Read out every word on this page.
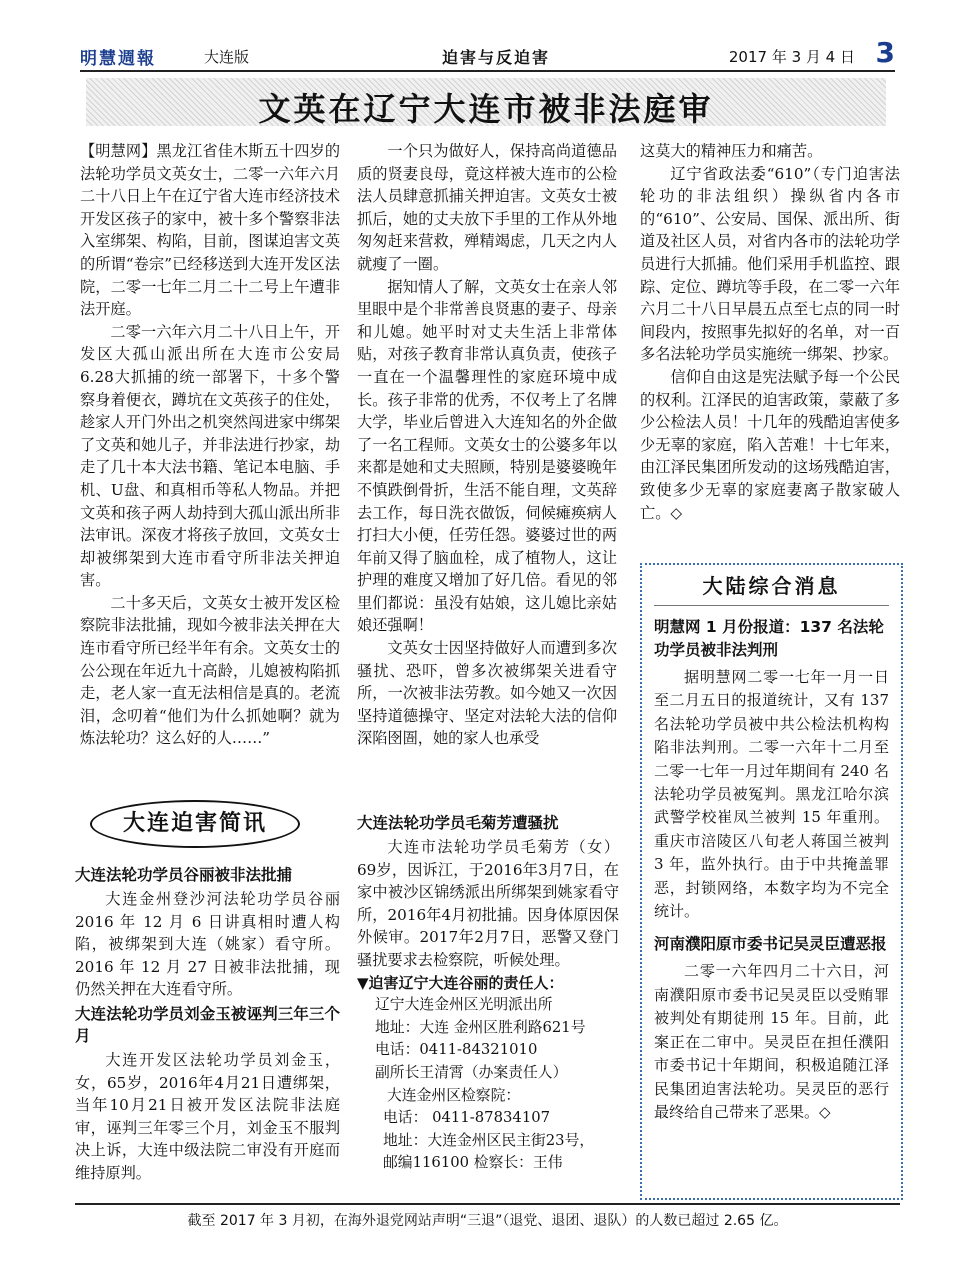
明慧週報	大连版	迫害与反迫害	2017 年 3 月 4 日 3
文英在辽宁大连市被非法庭审

【明慧网】黑龙江省佳木斯五十四岁的法轮功学员文英女士，二零一六年六月二十八日上午在辽宁省大连市经济技术开发区孩子的家中，被十多个警察非法入室绑架、构陷，目前，图谋迫害文英的所谓“卷宗”已经移送到大连开发区法院，二零一七年二月二十二号上午遭非法开庭。

二零一六年六月二十八日上午，开发区大孤山派出所在大连市公安局6.28大抓捕的统一部署下，十多个警察身着便衣，蹲坑在文英孩子的住处，趁家人开门外出之机突然闯进家中绑架了文英和她儿子，并非法进行抄家，劫走了几十本大法书籍、笔记本电脑、手机、U盘、和真相币等私人物品。并把文英和孩子两人劫持到大孤山派出所非法审讯。深夜才将孩子放回，文英女士却被绑架到大连市看守所非法关押迫害。

二十多天后，文英女士被开发区检察院非法批捕，现如今被非法关押在大连市看守所已经半年有余。文英女士的公公现在年近九十高龄，儿媳被构陷抓走，老人家一直无法相信是真的。老流泪，念叨着“他们为什么抓她啊？就为炼法轮功？这么好的人……”

一个只为做好人，保持高尚道德品质的贤妻良母，竟这样被大连市的公检法人员肆意抓捕关押迫害。文英女士被抓后，她的丈夫放下手里的工作从外地匆匆赶来营救，殚精竭虑，几天之内人就瘦了一圈。

据知情人了解，文英女士在亲人邻里眼中是个非常善良贤惠的妻子、母亲和儿媳。她平时对丈夫生活上非常体贴，对孩子教育非常认真负责，使孩子一直在一个温馨理性的家庭环境中成长。孩子非常的优秀，不仅考上了名牌大学，毕业后曾进入大连知名的外企做了一名工程师。文英女士的公婆多年以来都是她和丈夫照顾，特别是婆婆晚年不慎跌倒骨折，生活不能自理，文英辞去工作，每日洗衣做饭，伺候瘫痪病人打扫大小便，任劳任怨。婆婆过世的两年前又得了脑血栓，成了植物人，这让护理的难度又增加了好几倍。看见的邻里们都说：虽没有姑娘，这儿媳比亲姑娘还强啊！

文英女士因坚持做好人而遭到多次骚扰、恐吓，曾多次被绑架关进看守所，一次被非法劳教。如今她又一次因坚持道德操守、坚定对法轮大法的信仰深陷囹圄，她的家人也承受

这莫大的精神压力和痛苦。

辽宁省政法委“610”（专门迫害法轮功的非法组织）操纵省内各市的“610”、公安局、国保、派出所、街道及社区人员，对省内各市的法轮功学员进行大抓捕。他们采用手机监控、跟踪、定位、蹲坑等手段，在二零一六年六月二十八日早晨五点至七点的同一时间段内，按照事先拟好的名单，对一百多名法轮功学员实施统一绑架、抄家。

信仰自由这是宪法赋予每一个公民的权利。江泽民的迫害政策，蒙蔽了多少公检法人员！十几年的残酷迫害使多少无辜的家庭，陷入苦难！十七年来，由江泽民集团所发动的这场残酷迫害，致使多少无辜的家庭妻离子散家破人亡。◇

大连迫害简讯
大连法轮功学员谷丽被非法批捕

大连金州登沙河法轮功学员谷丽 2016 年 12 月 6 日讲真相时遭人构陷，被绑架到大连（姚家）看守所。2016 年 12 月 27 日被非法批捕，现仍然关押在大连看守所。

大连法轮功学员刘金玉被诬判三年三个月

大连开发区法轮功学员刘金玉，女，65岁，2016年4月21日遭绑架，当年10月21日被开发区法院非法庭审，诬判三年零三个月，刘金玉不服判决上诉，大连中级法院二审没有开庭而维持原判。

大连法轮功学员毛菊芳遭骚扰

大连市法轮功学员毛菊芳（女）69岁，因诉江，于2016年3月7日，在家中被沙区锦绣派出所绑架到姚家看守所，2016年4月初批捕。因身体原因保外候审。2017年2月7日，恶警又登门骚扰要求去检察院，听候处理。

▼迫害辽宁大连谷丽的责任人：
辽宁大连金州区光明派出所
地址：大连 金州区胜利路621号
电话：0411-84321010
副所长王清霄（办案责任人）
大连金州区检察院：
电话： 0411-87834107
地址：大连金州区民主街23号，
邮编116100 检察长：王伟
大陆综合消息
明慧网 1 月份报道：137 名法轮功学员被非法判刑

据明慧网二零一七年一月一日至二月五日的报道统计，又有 137 名法轮功学员被中共公检法机构构陷非法判刑。二零一六年十二月至二零一七年一月过年期间有 240 名法轮功学员被冤判。黑龙江哈尔滨武警学校崔凤兰被判 15 年重刑。重庆市涪陵区八旬老人蒋国兰被判 3 年，监外执行。由于中共掩盖罪恶，封锁网络，本数字均为不完全统计。

河南濮阳原市委书记吴灵臣遭恶报

二零一六年四月二十六日，河南濮阳原市委书记吴灵臣以受贿罪被判处有期徒刑 15 年。目前，此案正在二审中。吴灵臣在担任濮阳市委书记十年期间，积极追随江泽民集团迫害法轮功。吴灵臣的恶行最终给自己带来了恶果。◇

截至 2017 年 3 月初，在海外退党网站声明“三退”（退党、退团、退队）的人数已超过 2.65 亿。
